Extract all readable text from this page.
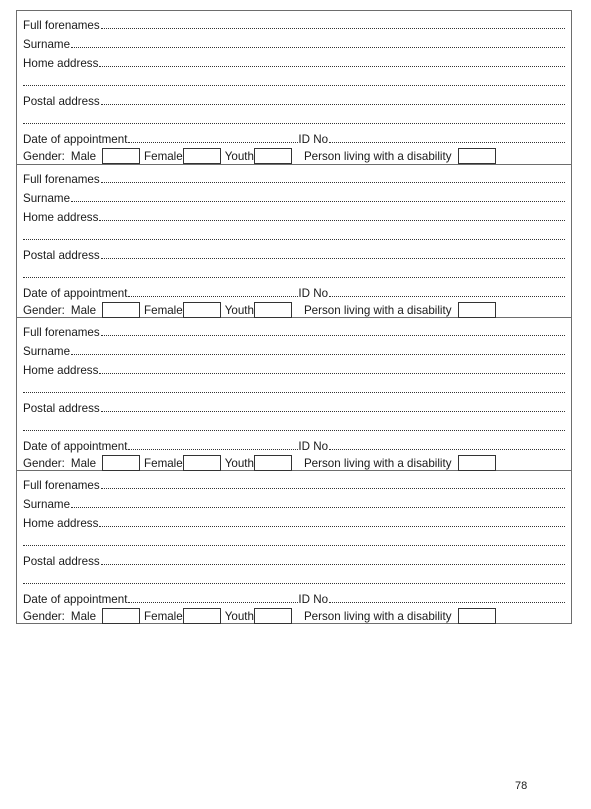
Full forenames
Surname
Home address
Postal address
Date of appointment	ID No
Gender: Male	Female	Youth	Person living with a disability
Full forenames
Surname
Home address
Postal address
Date of appointment	ID No
Gender: Male	Female	Youth	Person living with a disability
Full forenames
Surname
Home address
Postal address
Date of appointment	ID No
Gender: Male	Female	Youth	Person living with a disability
Full forenames
Surname
Home address
Postal address
Date of appointment	ID No
Gender: Male	Female	Youth	Person living with a disability
78
